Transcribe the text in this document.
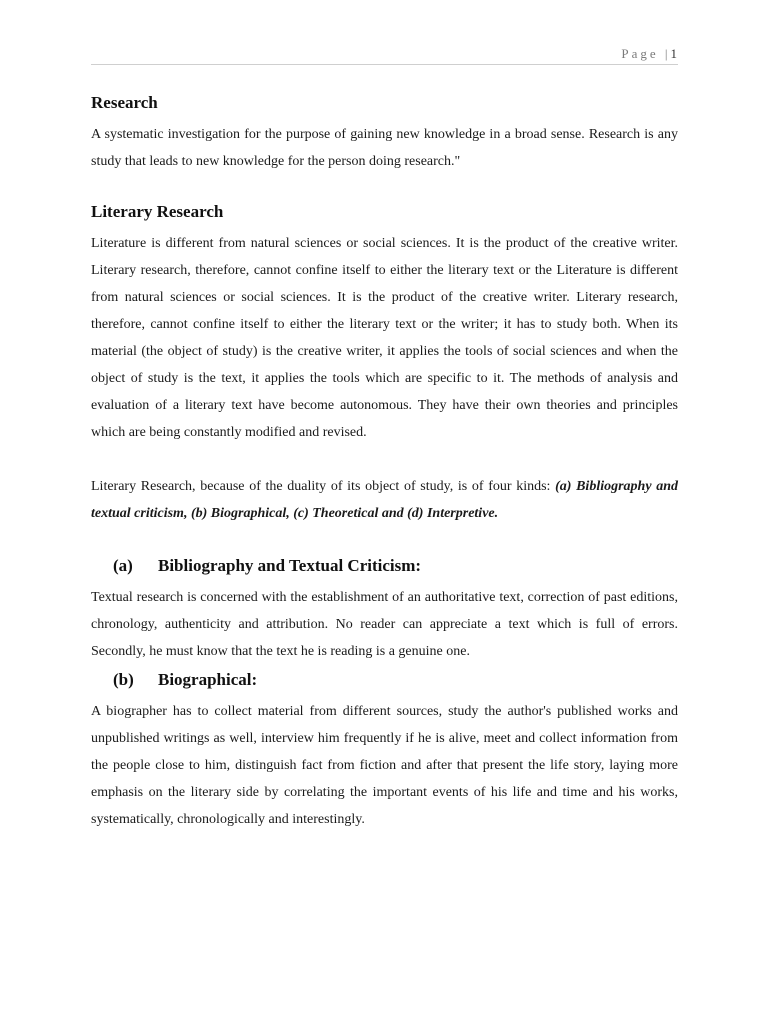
Page |1
Research

A systematic investigation for the purpose of gaining new knowledge in a broad sense. Research is any study that leads to new knowledge for the person doing research."

Literary Research

Literature is different from natural sciences or social sciences. It is the product of the creative writer. Literary research, therefore, cannot confine itself to either the literary text or the Literature is different from natural sciences or social sciences. It is the product of the creative writer. Literary research, therefore, cannot confine itself to either the literary text or the writer; it has to study both. When its material (the object of study) is the creative writer, it applies the tools of social sciences and when the object of study is the text, it applies the tools which are specific to it. The methods of analysis and evaluation of a literary text have become autonomous. They have their own theories and principles which are being constantly modified and revised.

Literary Research, because of the duality of its object of study, is of four kinds: (a) Bibliography and textual criticism, (b) Biographical, (c) Theoretical and (d) Interpretive.

(a) Bibliography and Textual Criticism:

Textual research is concerned with the establishment of an authoritative text, correction of past editions, chronology, authenticity and attribution. No reader can appreciate a text which is full of errors. Secondly, he must know that the text he is reading is a genuine one.

(b) Biographical:

A biographer has to collect material from different sources, study the author's published works and unpublished writings as well, interview him frequently if he is alive, meet and collect information from the people close to him, distinguish fact from fiction and after that present the life story, laying more emphasis on the literary side by correlating the important events of his life and time and his works, systematically, chronologically and interestingly.
